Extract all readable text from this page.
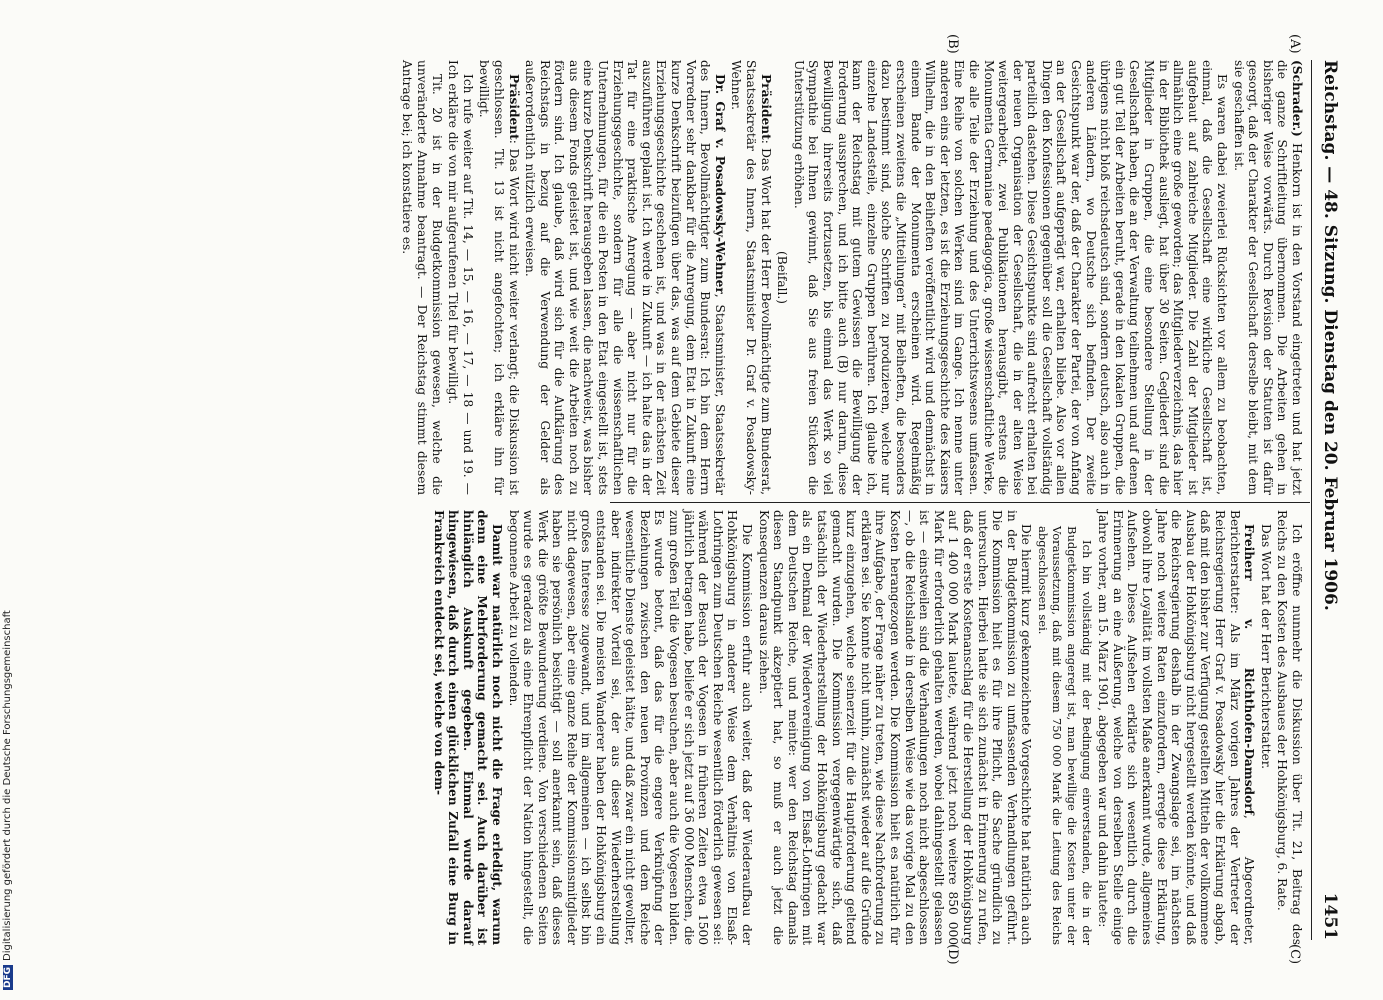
DFGDigitalisierung gefördert durch die Deutsche Forschungsgemeinschaft
Reichstag. — 48. Sitzung. Dienstag den 20. Februar 1906.
1451
(A)
(B)
(C)
(D)

(Schrader.) Henkorn ist in den Vorstand eingetreten und hat jetzt die ganze Schriftleitung übernommen. Die Arbeiten gehen in bisheriger Weise vorwärts. Durch Revision der Statuten ist dafür gesorgt, daß der Charakter der Gesellschaft derselbe bleibt, mit dem sie geschaffen ist.

Es waren dabei zweierlei Rücksichten vor allem zu beobachten, einmal, daß die Gesellschaft eine wirkliche Gesellschaft ist, aufgebaut auf zahlreiche Mitglieder. Die Zahl der Mitglieder ist allmählich eine große geworden; das Mitgliederverzeichnis, das hier in der Bibliothek ausliegt, hat über 30 Seiten. Gegliedert sind die Mitglieder in Gruppen, die eine besondere Stellung in der Gesellschaft haben, die an der Verwaltung teilnehmen und auf denen ein gut Teil der Arbeiten beruht, gerade in den lokalen Gruppen, die übrigens nicht bloß reichsdeutsch sind, sondern deutsch, also auch in anderen Ländern, wo Deutsche sich befinden. Der zweite Gesichtspunkt war der, daß der Charakter der Partei, der von Anfang an der Gesellschaft aufgeprägt war, erhalten bliebe. Also vor allen Dingen den Konfessionen gegenüber soll die Gesellschaft vollständig parteilich dastehen. Diese Gesichtspunkte sind aufrecht erhalten bei der neuen Organisation der Gesellschaft, die in der alten Weise weitergearbeitet, zwei Publikationen herausgibt, erstens die Monumenta Germaniae paedagogica, große wissenschaftliche Werke, die alle Teile der Erziehung und des Unterrichtswesens umfassen. Eine Reihe von solchen Werken sind im Gange. Ich nenne unter anderen eins der letzten, es ist die Erziehungsgeschichte des Kaisers Wilhelm, die in den Beiheften veröffentlicht wird und demnächst in einem Bande der Monumenta erscheinen wird. Regelmäßig erscheinen zweitens die „Mitteilungen“ mit Beiheften, die besonders dazu bestimmt sind, solche Schriften zu produzieren, welche nur einzelne Landesteile, einzelne Gruppen berühren. Ich glaube ich, kann der Reichstag mit gutem Gewissen die Bewilligung der Forderung aussprechen, und ich bitte auch (B) nur darum, diese Bewilligung ihrerseits fortzusetzen, bis einmal das Werk so viel Sympathie bei Ihnen gewinnt, daß Sie aus freien Stücken die Unterstützung erhöhen.

(Beifall.)

Präsident: Das Wort hat der Herr Bevollmächtigte zum Bundesrat, Staatssekretär des Innern, Staatsminister Dr. Graf v. Posadowsky-Wehner.

Dr. Graf v. Posadowsky-Wehner, Staatsminister, Staatssekretär des Innern, Bevollmächtigter zum Bundesrat: Ich bin dem Herrn Vorredner sehr dankbar für die Anregung, dem Etat in Zukunft eine kurze Denkschrift beizufügen über das, was auf dem Gebiete dieser Erziehungsgeschichte geschehen ist, und was in der nächsten Zeit auszuführen geplant ist. Ich werde in Zukunft — ich halte das in der Tat für eine praktische Anregung — aber nicht nur für die Erziehungsgeschichte, sondern für alle die wissenschaftlichen Unternehmungen, für die ein Posten in den Etat eingestellt ist, stets eine kurze Denkschrift herausgeben lassen, die nachweist, was bisher aus diesem Fonds geleistet ist, und wie weit die Arbeiten noch zu fördern sind. Ich glaube, daß wird sich für die Aufklärung des Reichstags in bezug auf die Verwendung der Gelder als außerordentlich nützlich erweisen.

Präsident: Das Wort wird nicht weiter verlangt; die Diskussion ist geschlossen. Tit. 13 ist nicht angefochten; ich erkläre ihn für bewilligt.

Ich rufe weiter auf Tit. 14, — 15, — 16, — 17, — 18 — und 19. — Ich erkläre die von mir aufgerufenen Titel für bewilligt.

Tit. 20 ist in der Budgetkommission gewesen, welche die unveränderte Annahme beantragt. — Der Reichstag stimmt diesem Antrage bei; ich konstatiere es.

Ich eröffne nunmehr die Diskussion über Tit. 21, Beitrag des Reichs zu den Kosten des Ausbaues der Hohkönigsburg, 6. Rate.

Das Wort hat der Herr Berichterstatter.

Freiherr v. Richthofen-Damsdorf, Abgeordneter, Berichterstatter: Als im März vorigen Jahres der Vertreter der Reichsregierung Herr Graf v. Posadowsky hier die Erklärung abgab, daß mit den bisher zur Verfügung gestellten Mitteln der vollkommene Ausbau der Hohkönigsburg nicht hergestellt werden könnte, und daß die Reichsregierung deshalb in der Zwangslage sei, im nächsten Jahre noch weitere Raten einzufordern, erregte diese Erklärung, obwohl ihre Loyalität im vollsten Maße anerkannt wurde, allgemeines Aufsehen. Dieses Aufsehen erklärte sich wesentlich durch die Erinnerung an eine Äußerung, welche von derselben Stelle einige Jahre vorher, am 15. März 1901, abgegeben war und dahin lautete:

Ich bin vollständig mit der Bedingung einverstanden, die in der Budgetkommission angeregt ist, man bewillige die Kosten unter der Voraussetzung, daß mit diesem 750 000 Mark die Leitung des Reichs abgeschlossen sei.

Die hiermit kurz gekennzeichnete Vorgeschichte hat natürlich auch in der Budgetkommission zu umfassenden Verhandlungen geführt. Die Kommission hielt es für ihre Pflicht, die Sache gründlich zu untersuchen. Hierbei hatte sie sich zunächst in Erinnerung zu rufen, daß der erste Kostenanschlag für die Herstellung der Hohkönigsburg auf 1 400 000 Mark lautete, während jetzt noch weitere 850 000 Mark für erforderlich gehalten werden, wobei dahingestellt gelassen ist — einstweilen sind die Verhandlungen noch nicht abgeschlossen —, ob die Reichslande in derselben Weise wie das vorige Mal zu den Kosten herangezogen werden. Die Kommission hielt es natürlich für ihre Aufgabe, der Frage näher zu treten, wie diese Nachforderung zu erklären sei. Sie konnte nicht umhin, zunächst wieder auf die Gründe kurz einzugehen, welche seinerzeit für die Hauptforderung geltend gemacht wurden. Die Kommission vergegenwärtigte sich, daß tatsächlich der Wiederherstellung der Hohkönigsburg gedacht war als ein Denkmal der Wiedervereinigung von Elsaß-Lothringen mit dem Deutschen Reiche, und meinte: wer den Reichstag damals diesen Standpunkt akzeptiert hat, so muß er auch jetzt die Konsequenzen daraus ziehen.

Die Kommission erfuhr auch weiter, daß der Wiederaufbau der Hohkönigsburg in anderer Weise dem Verhältnis von Elsaß-Lothringen zum Deutschen Reiche wesentlich förderlich gewesen sei: während der Besuch der Vogesen in früheren Zeiten etwa 1500 jährlich betragen habe, beliefe er sich jetzt auf 36 000 Menschen, die zum großen Teil die Vogesen besuchen, aber auch die Vogesen bilden. Es wurde betont, daß das für die engere Verknüpfung der Beziehungen zwischen den neuen Provinzen und dem Reiche wesentliche Dienste geleistet hätte, und daß zwar ein nicht gewollter, aber indirekter Vorteil sei, der aus dieser Wiederherstellung entstanden sei. Die meisten Wanderer haben der Hohkönigsburg ein großes Interesse zugewandt, und im allgemeinen — ich selbst bin nicht dagewesen, aber eine ganze Reihe der Kommissionsmitglieder haben sie persönlich besichtigt — soll anerkannt sein, daß dieses Werk die größte Bewunderung verdiene. Von verschiedenen Seiten wurde es geradezu als eine Ehrenpflicht der Nation hingestellt, die begonnene Arbeit zu vollenden.

Damit war natürlich noch nicht die Frage erledigt, warum denn eine Mehrforderung gemacht sei. Auch darüber ist hinlänglich Auskunft gegeben. Einmal wurde darauf hingewiesen, daß durch einen glücklichen Zufall eine Burg in Frankreich entdeckt sei, welche von dem-
